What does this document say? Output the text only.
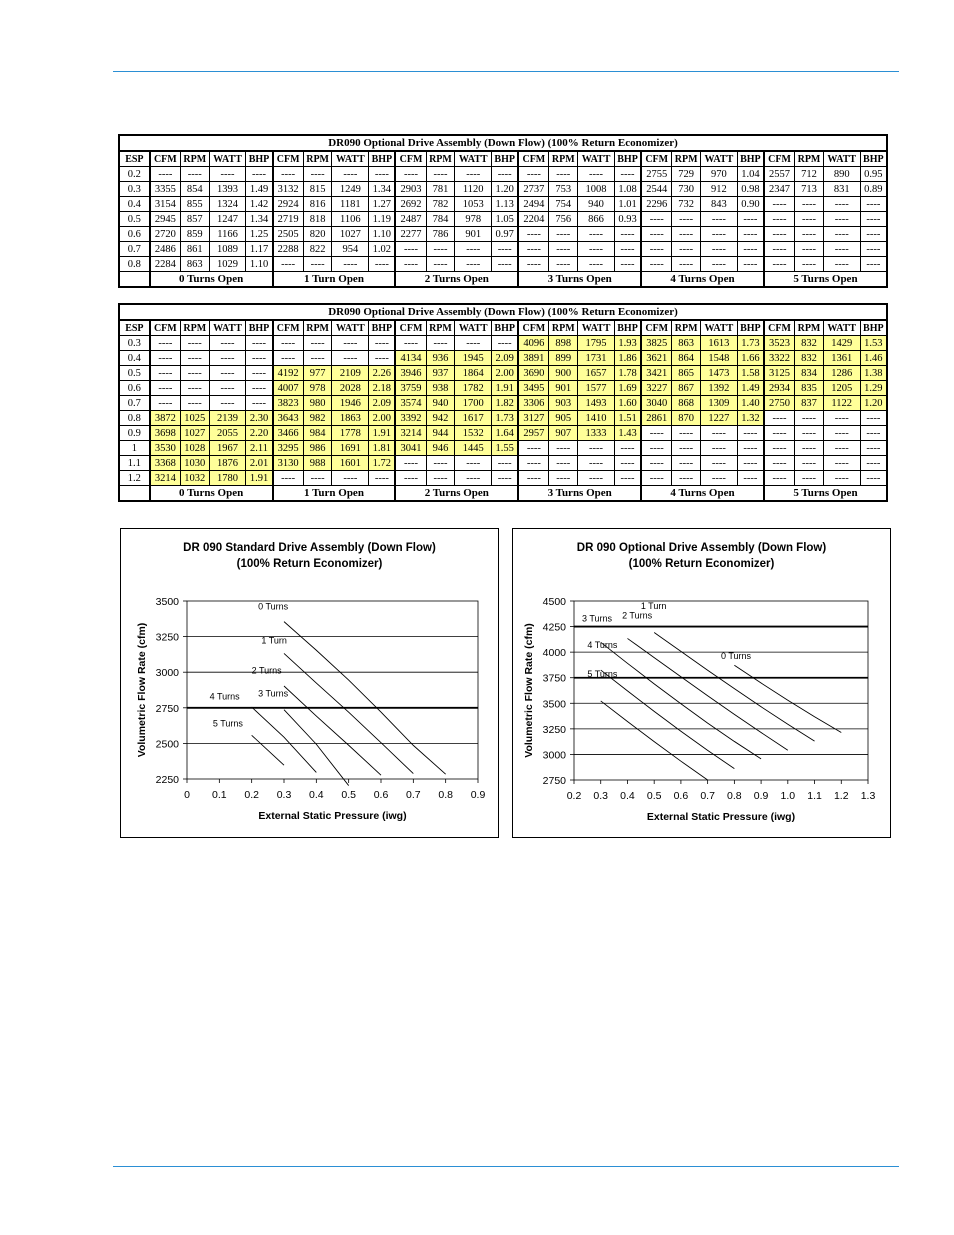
DR090 Optional Drive Assembly (Down Flow) (100% Return Economizer)																								
ESP	CFM	RPM	WATT	BHP	CFM	RPM	WATT	BHP	CFM	RPM	WATT	BHP	CFM	RPM	WATT	BHP	CFM	RPM	WATT	BHP	CFM	RPM	WATT	BHP
0.2	----	----	----	----	----	----	----	----	----	----	----	----	----	----	----	----	2755	729	970	1.04	2557	712	890	0.95
0.3	3355	854	1393	1.49	3132	815	1249	1.34	2903	781	1120	1.20	2737	753	1008	1.08	2544	730	912	0.98	2347	713	831	0.89
0.4	3154	855	1324	1.42	2924	816	1181	1.27	2692	782	1053	1.13	2494	754	940	1.01	2296	732	843	0.90	----	----	----	----
0.5	2945	857	1247	1.34	2719	818	1106	1.19	2487	784	978	1.05	2204	756	866	0.93	----	----	----	----	----	----	----	----
0.6	2720	859	1166	1.25	2505	820	1027	1.10	2277	786	901	0.97	----	----	----	----	----	----	----	----	----	----	----	----
0.7	2486	861	1089	1.17	2288	822	954	1.02	----	----	----	----	----	----	----	----	----	----	----	----	----	----	----	----
0.8	2284	863	1029	1.10	----	----	----	----	----	----	----	----	----	----	----	----	----	----	----	----	----	----	----	----
	0 Turns Open				1 Turn Open				2 Turns Open				3 Turns Open				4 Turns Open				5 Turns Open			
DR090 Optional Drive Assembly (Down Flow) (100% Return Economizer)																								
ESP	CFM	RPM	WATT	BHP	CFM	RPM	WATT	BHP	CFM	RPM	WATT	BHP	CFM	RPM	WATT	BHP	CFM	RPM	WATT	BHP	CFM	RPM	WATT	BHP
0.3	----	----	----	----	----	----	----	----	----	----	----	----	4096	898	1795	1.93	3825	863	1613	1.73	3523	832	1429	1.53
0.4	----	----	----	----	----	----	----	----	4134	936	1945	2.09	3891	899	1731	1.86	3621	864	1548	1.66	3322	832	1361	1.46
0.5	----	----	----	----	4192	977	2109	2.26	3946	937	1864	2.00	3690	900	1657	1.78	3421	865	1473	1.58	3125	834	1286	1.38
0.6	----	----	----	----	4007	978	2028	2.18	3759	938	1782	1.91	3495	901	1577	1.69	3227	867	1392	1.49	2934	835	1205	1.29
0.7	----	----	----	----	3823	980	1946	2.09	3574	940	1700	1.82	3306	903	1493	1.60	3040	868	1309	1.40	2750	837	1122	1.20
0.8	3872	1025	2139	2.30	3643	982	1863	2.00	3392	942	1617	1.73	3127	905	1410	1.51	2861	870	1227	1.32	----	----	----	----
0.9	3698	1027	2055	2.20	3466	984	1778	1.91	3214	944	1532	1.64	2957	907	1333	1.43	----	----	----	----	----	----	----	----
1	3530	1028	1967	2.11	3295	986	1691	1.81	3041	946	1445	1.55	----	----	----	----	----	----	----	----	----	----	----	----
1.1	3368	1030	1876	2.01	3130	988	1601	1.72	----	----	----	----	----	----	----	----	----	----	----	----	----	----	----	----
1.2	3214	1032	1780	1.91	----	----	----	----	----	----	----	----	----	----	----	----	----	----	----	----	----	----	----	----
	0 Turns Open				1 Turn Open				2 Turns Open				3 Turns Open				4 Turns Open				5 Turns Open			
DR 090 Standard Drive Assembly (Down Flow)
(100% Return Economizer)
3500
3250
3000
2750
2500
2250
0 0.1 0.2 0.3 0.4 0.5 0.6 0.7 0.8 0.9
External Static Pressure (iwg)
Volumetric Flow Rate (cfm)
0 Turns
1 Turn
2 Turns
3 Turns
4 Turns
5 Turns
DR 090 Optional Drive Assembly (Down Flow)
(100% Return Economizer)
4500
4250
4000
3750
3500
3250
3000
2750
0.2 0.3 0.4 0.5 0.6 0.7 0.8 0.9 1.0 1.1 1.2 1.3
External Static Pressure (iwg)
Volumetric Flow Rate (cfm)	0 Turns
1 Turn
2 Turns
3 Turns
4 Turns
5 Turns
